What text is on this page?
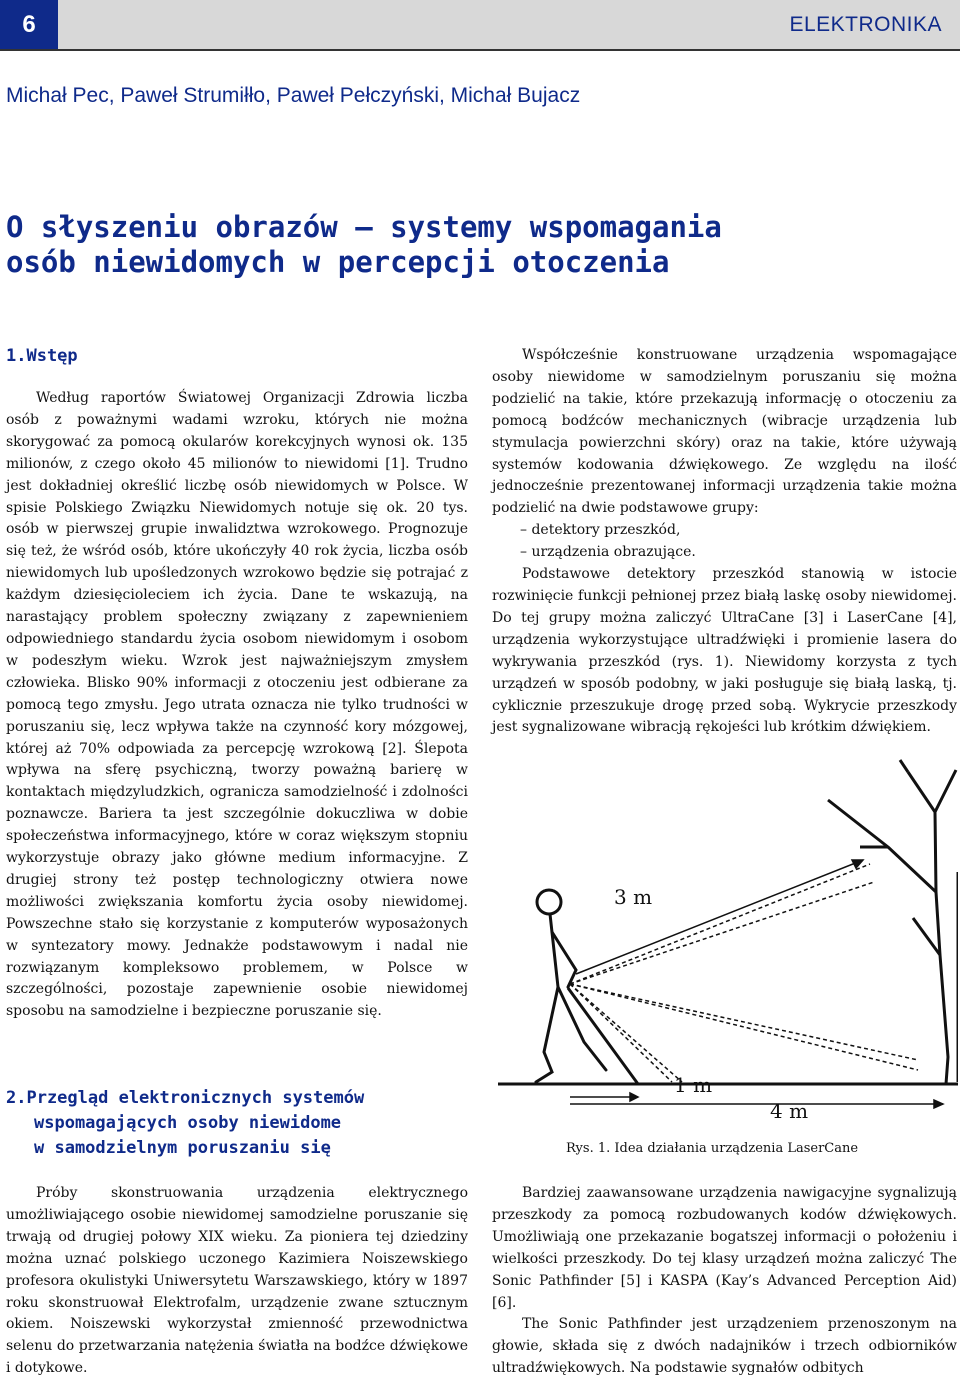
6	ELEKTRONIKA
Michał Pec, Paweł Strumiłło, Paweł Pełczyński, Michał Bujacz
O słyszeniu obrazów – systemy wspomagania
osób niewidomych w percepcji otoczenia
1.Wstęp

Według raportów Światowej Organizacji Zdrowia liczba osób z poważnymi wadami wzroku, których nie można skorygować za pomocą okularów korekcyjnych wynosi ok. 135 milionów, z czego około 45 milionów to niewidomi [1]. Trudno jest dokładniej określić liczbę osób niewidomych w Polsce. W spisie Polskiego Związku Niewidomych notuje się ok. 20 tys. osób w pierwszej grupie inwalidztwa wzrokowego. Prognozuje się też, że wśród osób, które ukończyły 40 rok życia, liczba osób niewidomych lub upośledzonych wzrokowo będzie się potrajać z każdym dziesięcioleciem ich życia. Dane te wskazują, na narastający problem społeczny związany z zapewnieniem odpowiedniego standardu życia osobom niewidomym i osobom w podeszłym wieku. Wzrok jest najważniejszym zmysłem człowieka. Blisko 90% informacji z otoczeniu jest odbierane za pomocą tego zmysłu. Jego utrata oznacza nie tylko trudności w poruszaniu się, lecz wpływa także na czynność kory mózgowej, której aż 70% odpowiada za percepcję wzrokową [2]. Ślepota wpływa na sferę psychiczną, tworzy poważną barierę w kontaktach międzyludzkich, ogranicza samodzielność i zdolności poznawcze. Bariera ta jest szczególnie dokuczliwa w dobie społeczeństwa informacyjnego, które w coraz większym stopniu wykorzystuje obrazy jako główne medium informacyjne. Z drugiej strony też postęp technologiczny otwiera nowe możliwości zwiększania komfortu życia osoby niewidomej. Powszechne stało się korzystanie z komputerów wyposażonych w syntezatory mowy. Jednakże podstawowym i nadal nie rozwiązanym kompleksowo problemem, w Polsce w szczególności, pozostaje zapewnienie osobie niewidomej sposobu na samodzielne i bezpieczne poruszanie się.

2.Przegląd elektronicznych systemów
wspomagających osoby niewidome
w samodzielnym poruszaniu się

Próby skonstruowania urządzenia elektrycznego umożliwiającego osobie niewidomej samodzielne poruszanie się trwają od drugiej połowy XIX wieku. Za pioniera tej dziedziny można uznać polskiego uczonego Kazimiera Noiszewskiego profesora okulistyki Uniwersytetu Warszawskiego, który w 1897 roku skonstruował Elektrofalm, urządzenie zwane sztucznym okiem. Noiszewski wykorzystał zmienność przewodnictwa selenu do przetwarzania natężenia światła na bodźce dźwiękowe i dotykowe.

Współcześnie konstruowane urządzenia wspomagające osoby niewidome w samodzielnym poruszaniu się można podzielić na takie, które przekazują informację o otoczeniu za pomocą bodźców mechanicznych (wibracje urządzenia lub stymulacja powierzchni skóry) oraz na takie, które używają systemów kodowania dźwiękowego. Ze względu na ilość jednocześnie prezentowanej informacji urządzenia takie można podzielić na dwie podstawowe grupy:

– detektory przeszkód,
– urządzenia obrazujące.

Podstawowe detektory przeszkód stanowią w istocie rozwinięcie funkcji pełnionej przez białą laskę osoby niewidomej. Do tej grupy można zaliczyć UltraCane [3] i LaserCane [4], urządzenia wykorzystujące ultradźwięki i promienie lasera do wykrywania przeszkód (rys. 1). Niewidomy korzysta z tych urządzeń w sposób podobny, w jaki posługuje się białą laską, tj. cyklicznie przeszukuje drogę przed sobą. Wykrycie przeszkody jest sygnalizowane wibracją rękojeści lub krótkim dźwiękiem.

3 m
1 m
4 m
Rys. 1. Idea działania urządzenia LaserCane

Bardziej zaawansowane urządzenia nawigacyjne sygnalizują przeszkody za pomocą rozbudowanych kodów dźwiękowych. Umożliwiają one przekazanie bogatszej informacji o położeniu i wielkości przeszkody. Do tej klasy urządzeń można zaliczyć The Sonic Pathfinder [5] i KASPA (Kay’s Advanced Perception Aid) [6].

The Sonic Pathfinder jest urządzeniem przenoszonym na głowie, składa się z dwóch nadajników i trzech odbiorników ultradźwiękowych. Na podstawie sygnałów odbitych
